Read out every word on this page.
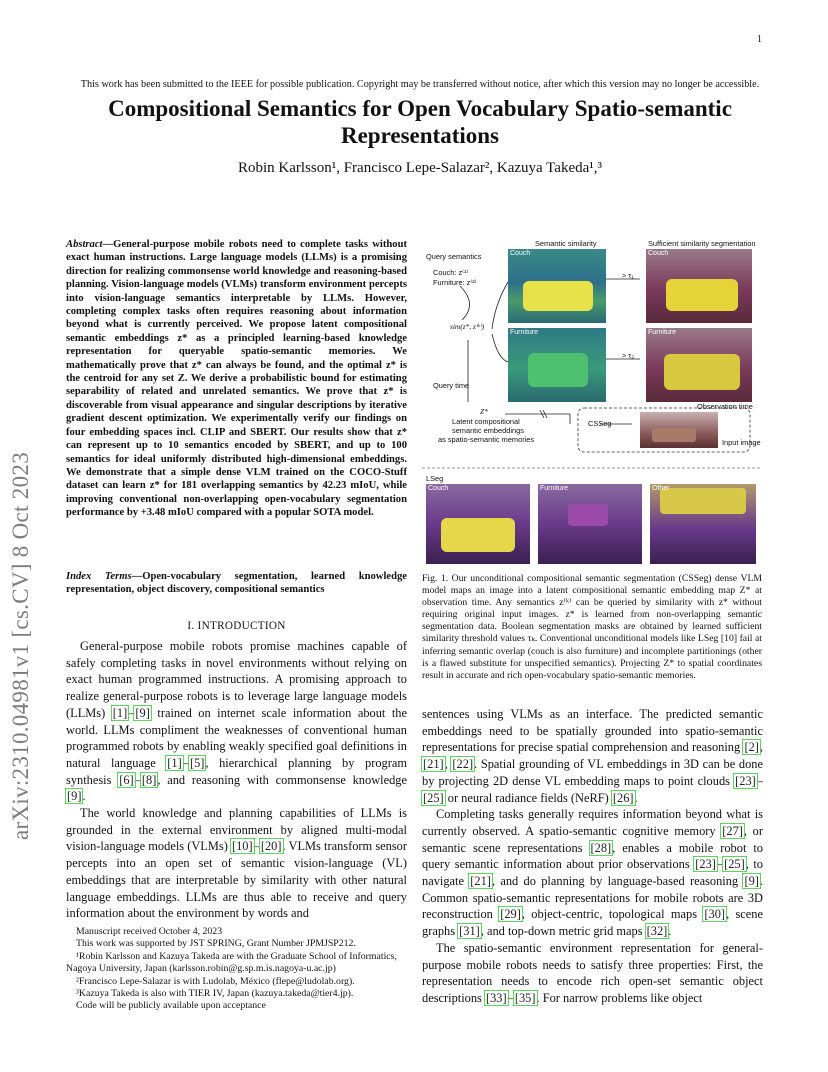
1
This work has been submitted to the IEEE for possible publication. Copyright may be transferred without notice, after which this version may no longer be accessible.
Compositional Semantics for Open Vocabulary Spatio-semantic Representations
Robin Karlsson¹, Francisco Lepe-Salazar², Kazuya Takeda¹,³
arXiv:2310.04981v1 [cs.CV] 8 Oct 2023
Abstract—General-purpose mobile robots need to complete tasks without exact human instructions. Large language models (LLMs) is a promising direction for realizing commonsense world knowledge and reasoning-based planning. Vision-language models (VLMs) transform environment percepts into vision-language semantics interpretable by LLMs. However, completing complex tasks often requires reasoning about information beyond what is currently perceived. We propose latent compositional semantic embeddings z* as a principled learning-based knowledge representation for queryable spatio-semantic memories. We mathematically prove that z* can always be found, and the optimal z* is the centroid for any set Z. We derive a probabilistic bound for estimating separability of related and unrelated semantics. We prove that z* is discoverable from visual appearance and singular descriptions by iterative gradient descent optimization. We experimentally verify our findings on four embedding spaces incl. CLIP and SBERT. Our results show that z* can represent up to 10 semantics encoded by SBERT, and up to 100 semantics for ideal uniformly distributed high-dimensional embeddings. We demonstrate that a simple dense VLM trained on the COCO-Stuff dataset can learn z* for 181 overlapping semantics by 42.23 mIoU, while improving conventional non-overlapping open-vocabulary segmentation performance by +3.48 mIoU compared with a popular SOTA model.
Index Terms—Open-vocabulary segmentation, learned knowledge representation, object discovery, compositional semantics
I. INTRODUCTION

General-purpose mobile robots promise machines capable of safely completing tasks in novel environments without relying on exact human programmed instructions. A promising approach to realize general-purpose robots is to leverage large language models (LLMs) [1]–[9] trained on internet scale information about the world. LLMs compliment the weaknesses of conventional human programmed robots by enabling weakly specified goal definitions in natural language [1]–[5], hierarchical planning by program synthesis [6]–[8], and reasoning with commonsense knowledge [9].

The world knowledge and planning capabilities of LLMs is grounded in the external environment by aligned multi-modal vision-language models (VLMs) [10]–[20]. VLMs transform sensor percepts into an open set of semantic vision-language (VL) embeddings that are interpretable by similarity with other natural language embeddings. LLMs are thus able to receive and query information about the environment by words and

Manuscript received October 4, 2023
This work was supported by JST SPRING, Grant Number JPMJSP212.
¹Robin Karlsson and Kazuya Takeda are with the Graduate School of Informatics, Nagoya University, Japan (karlsson.robin@g.sp.m.is.nagoya-u.ac.jp)
²Francisco Lepe-Salazar is with Ludolab, México (flepe@ludolab.org).
³Kazuya Takeda is also with TIER IV, Japan (kazuya.takeda@tier4.jp).
Code will be publicly available upon acceptance
Semantic similarity	Sufficient similarity segmentation
Query semantics
Couch: z⁽¹⁾
Furniture: z⁽²⁾
sim(z*, z⁽ᵏ⁾)
> τ₁
> τ₂
Query time
Z*
Latent compositional
semantic embeddings
as spatio-semantic memories
CSSeg
Observation time
Input image
LSeg
Couch
Furniture
Couch
Furniture
Couch	Furniture	Other
Fig. 1. Our unconditional compositional semantic segmentation (CSSeg) dense VLM model maps an image into a latent compositional semantic embedding map Z* at observation time. Any semantics z⁽ᵏ⁾ can be queried by similarity with z* without requiring original input images. z* is learned from non-overlapping semantic segmentation data. Boolean segmentation masks are obtained by learned sufficient similarity threshold values τₖ. Conventional unconditional models like LSeg [10] fail at inferring semantic overlap (couch is also furniture) and incomplete partitionings (other is a flawed substitute for unspecified semantics). Projecting Z* to spatial coordinates result in accurate and rich open-vocabulary spatio-semantic memories.

sentences using VLMs as an interface. The predicted semantic embeddings need to be spatially grounded into spatio-semantic representations for precise spatial comprehension and reasoning [2], [21], [22]. Spatial grounding of VL embeddings in 3D can be done by projecting 2D dense VL embedding maps to point clouds [23]–[25] or neural radiance fields (NeRF) [26].

Completing tasks generally requires information beyond what is currently observed. A spatio-semantic cognitive memory [27], or semantic scene representations [28], enables a mobile robot to query semantic information about prior observations [23]–[25], to navigate [21], and do planning by language-based reasoning [9]. Common spatio-semantic representations for mobile robots are 3D reconstruction [29], object-centric, topological maps [30], scene graphs [31], and top-down metric grid maps [32].

The spatio-semantic environment representation for general-purpose mobile robots needs to satisfy three properties: First, the representation needs to encode rich open-set semantic object descriptions [33]–[35]. For narrow problems like object
